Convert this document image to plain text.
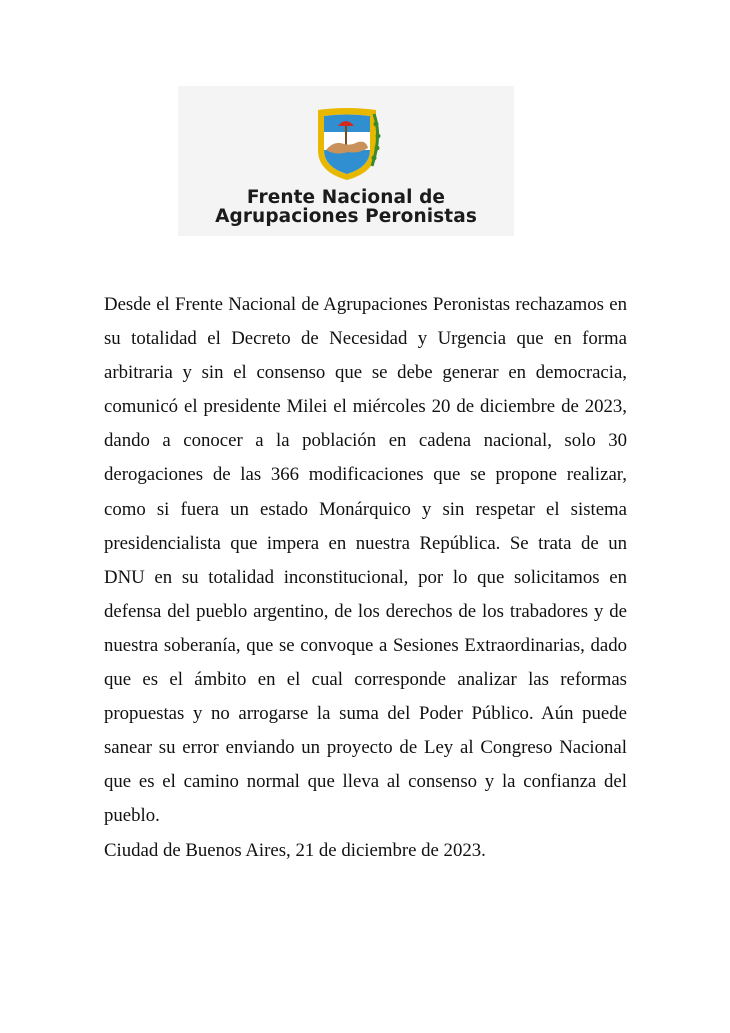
Frente Nacional de
Agrupaciones Peronistas

Desde el Frente Nacional de Agrupaciones Peronistas rechazamos en su totalidad el Decreto de Necesidad y Urgencia que en forma arbitraria y sin el consenso que se debe generar en democracia, comunicó el presidente Milei el miércoles 20 de diciembre de 2023, dando a conocer a la población en cadena nacional, solo 30 derogaciones de las 366 modificaciones que se propone realizar, como si fuera un estado Monárquico y sin respetar el sistema presidencialista que impera en nuestra República. Se trata de un DNU en su totalidad inconstitucional, por lo que solicitamos en defensa del pueblo argentino, de los derechos de los trabadores y de nuestra soberanía, que se convoque a Sesiones Extraordinarias, dado que es el ámbito en el cual corresponde analizar las reformas propuestas y no arrogarse la suma del Poder Público. Aún puede sanear su error enviando un proyecto de Ley al Congreso Nacional que es el camino normal que lleva al consenso y la confianza del pueblo.

Ciudad de Buenos Aires, 21 de diciembre de 2023.
